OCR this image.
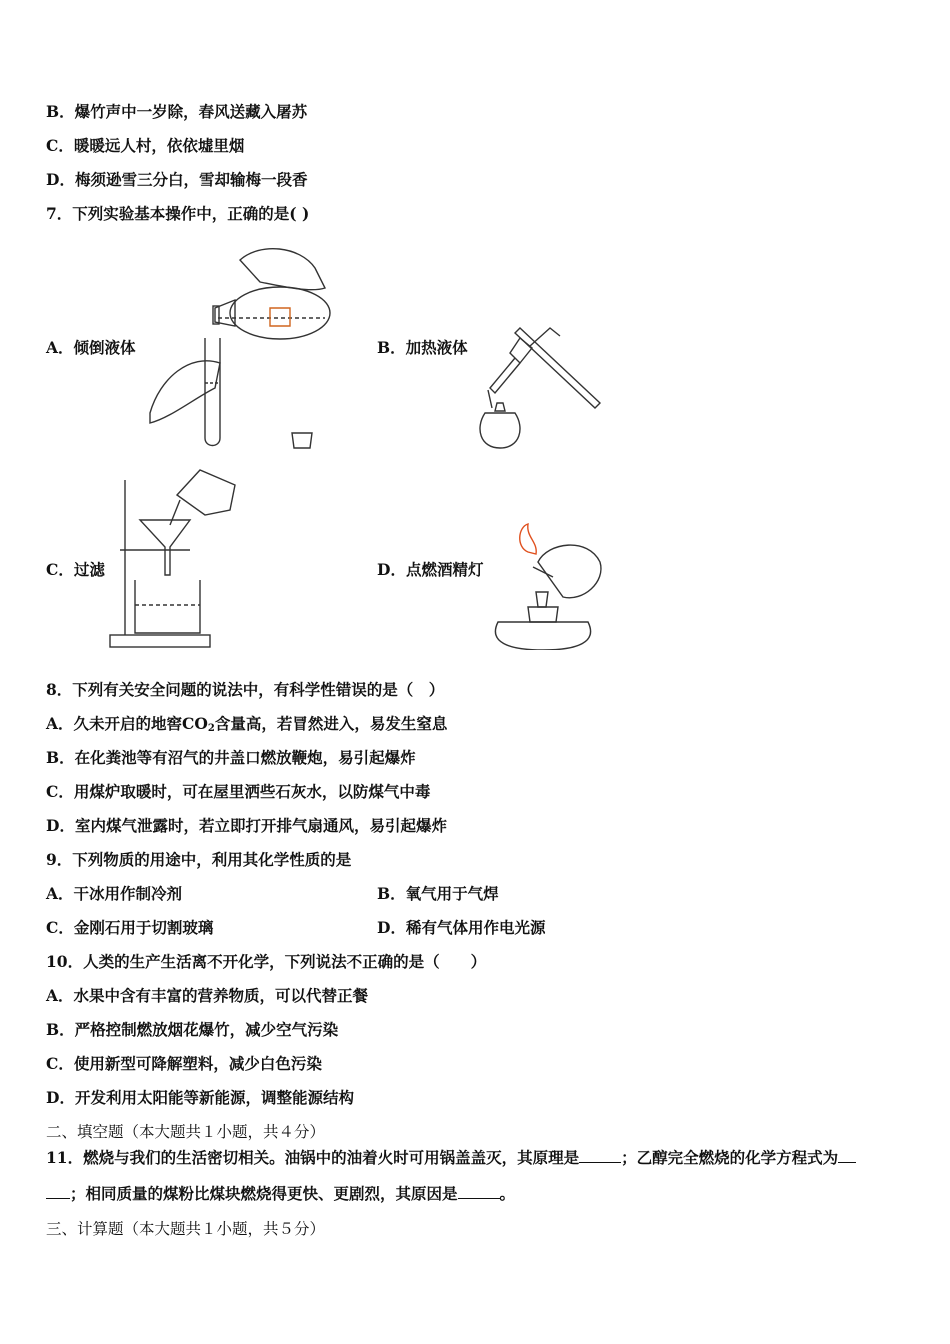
B．爆竹声中一岁除，春风送藏入屠苏
C．暖暖远人村，依依墟里烟
D．梅须逊雪三分白，雪却输梅一段香
7．下列实验基本操作中，正确的是( )
A．倾倒液体	B．加热液体
C．过滤	D．点燃酒精灯
8．下列有关安全问题的说法中，有科学性错误的是（　）
A．久未开启的地窖$CO_2$含量高，若冒然进入，易发生窒息
B．在化粪池等有沼气的井盖口燃放鞭炮，易引起爆炸
C．用煤炉取暖时，可在屋里洒些石灰水，以防煤气中毒
D．室内煤气泄露时，若立即打开排气扇通风，易引起爆炸
9．下列物质的用途中，利用其化学性质的是
A．干冰用作制冷剂	B．氧气用于气焊
C．金刚石用于切割玻璃	D．稀有气体用作电光源
10．人类的生产生活离不开化学，下列说法不正确的是（　　）
A．水果中含有丰富的营养物质，可以代替正餐
B．严格控制燃放烟花爆竹，减少空气污染
C．使用新型可降解塑料，减少白色污染
D．开发利用太阳能等新能源，调整能源结构
二、填空题（本大题共１小题，共４分）
11．燃烧与我们的生活密切相关。油锅中的油着火时可用锅盖盖灭，其原理是	；乙醇完全燃烧的化学方程式为
；相同质量的煤粉比煤块燃烧得更快、更剧烈，其原因是	。
三、计算题（本大题共１小题，共５分）
